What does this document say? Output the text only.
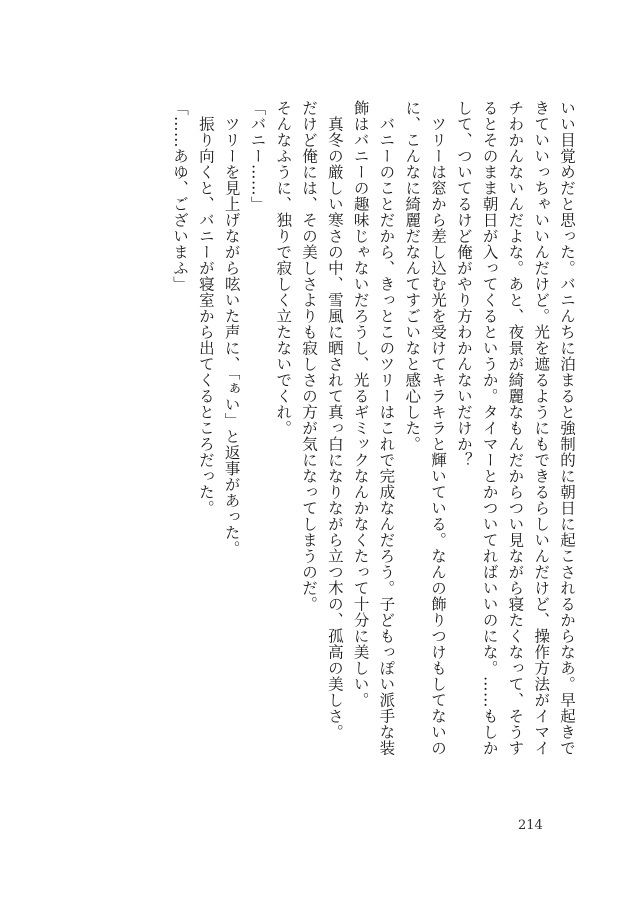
いい目覚めだと思った。バニんちに泊まると強制的に朝日に起こされるからなあ。早起きで
きていいっちゃいいんだけど。光を遮るようにもできるらしいんだけど、操作方法がイマイ
チわかんないんだよな。あと、夜景が綺麗なもんだからつい見ながら寝たくなって、そうす
るとそのまま朝日が入ってくるというか。タイマーとかついてればいいのにな。……もしか
して、ついてるけど俺がやり方わかんないだけか？
　ツリーは窓から差し込む光を受けてキラキラと輝いている。なんの飾りつけもしてないの
に、こんなに綺麗だなんてすごいなと感心した。
　バニーのことだから、きっとこのツリーはこれで完成なんだろう。子どもっぽい派手な装
飾はバニーの趣味じゃないだろうし、光るギミックなんかなくたって十分に美しい。
　真冬の厳しい寒さの中、雪風に晒されて真っ白になりながら立つ木の、孤高の美しさ。
だけど俺には、その美しさよりも寂しさの方が気になってしまうのだ。
そんなふうに、独りで寂しく立たないでくれ。
「バニー……」
　ツリーを見上げながら呟いた声に、「ぁい」と返事があった。
　振り向くと、バニーが寝室から出てくるところだった。
「……あゆ、ございまふ」
214
